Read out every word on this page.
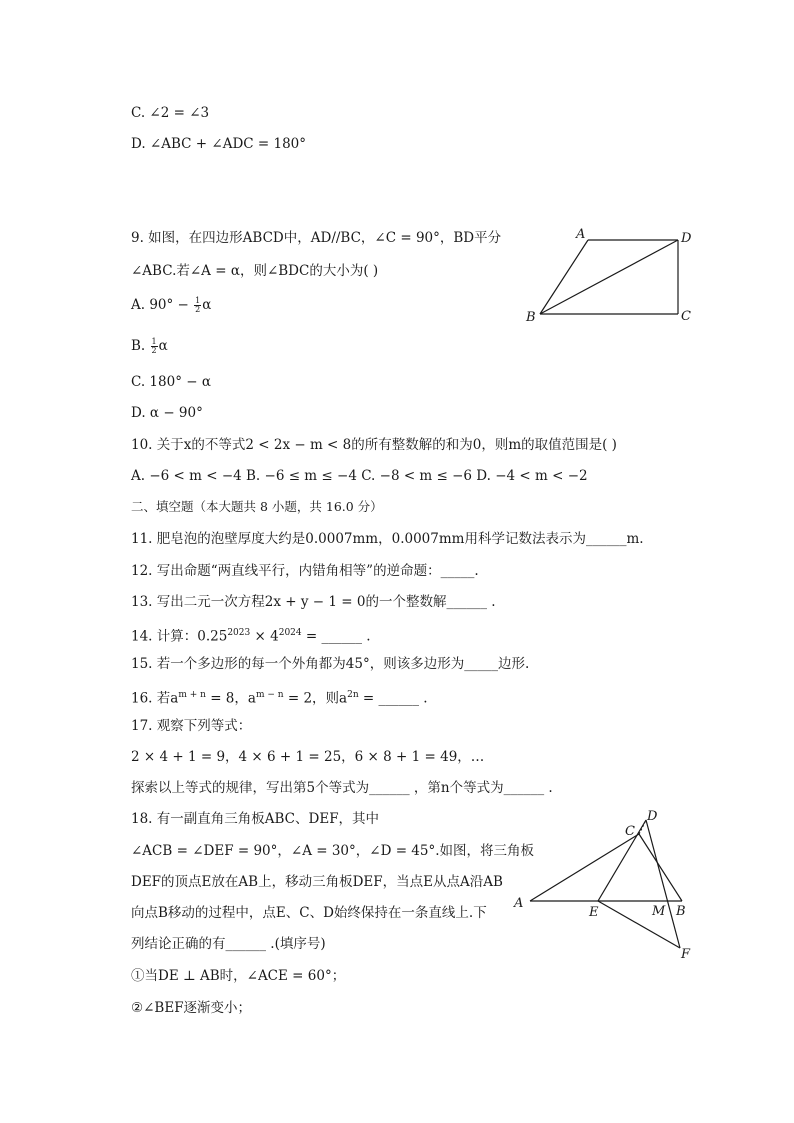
C. ∠2 = ∠3
D. ∠ABC + ∠ADC = 180°
9. 如图，在四边形ABCD中，AD//BC，∠C = 90°，BD平分
∠ABC.若∠A = α，则∠BDC的大小为( )
A. $90^\circ - \frac{1}{2}$ α
B. $\frac{1}{2}$ α
C. 180° − α
D. α − 90°
A	D
B	C
10. 关于x的不等式2 < 2x − m < 8的所有整数解的和为0，则m的取值范围是( )
A. −6 < m < −4 B. −6 ≤ m ≤ −4 C. −8 < m ≤ −6 D. −4 < m < −2
二、填空题（本大题共 8 小题，共 16.0 分）
11. 肥皂泡的泡壁厚度大约是0.0007mm，0.0007mm用科学记数法表示为______m.
12. 写出命题“两直线平行，内错角相等”的逆命题：_____.
13. 写出二元一次方程2x + y − 1 = 0的一个整数解______ .
14. 计算：$0.25^{2023} \times 4^{2024}$ = ______ .
15. 若一个多边形的每一个外角都为45°，则该多边形为_____边形.
16. 若$a^{m + n} = 8$，$a^{m - n} = 2$，则$a^{2n}$ = ______ .
17. 观察下列等式：
2 × 4 + 1 = 9，4 × 6 + 1 = 25，6 × 8 + 1 = 49，…
探索以上等式的规律，写出第5个等式为______ ，第n个等式为______ .
18. 有一副直角三角板ABC、DEF，其中
∠ACB = ∠DEF = 90°，∠A = 30°，∠D = 45°.如图，将三角板
DEF的顶点E放在AB上，移动三角板DEF，当点E从点A沿AB
向点B移动的过程中，点E、C、D始终保持在一条直线上.下
列结论正确的有______ .(填序号)
①当DE ⊥ AB时，∠ACE = 60°；
②∠BEF逐渐变小；
A
C
D
E	M B
F
